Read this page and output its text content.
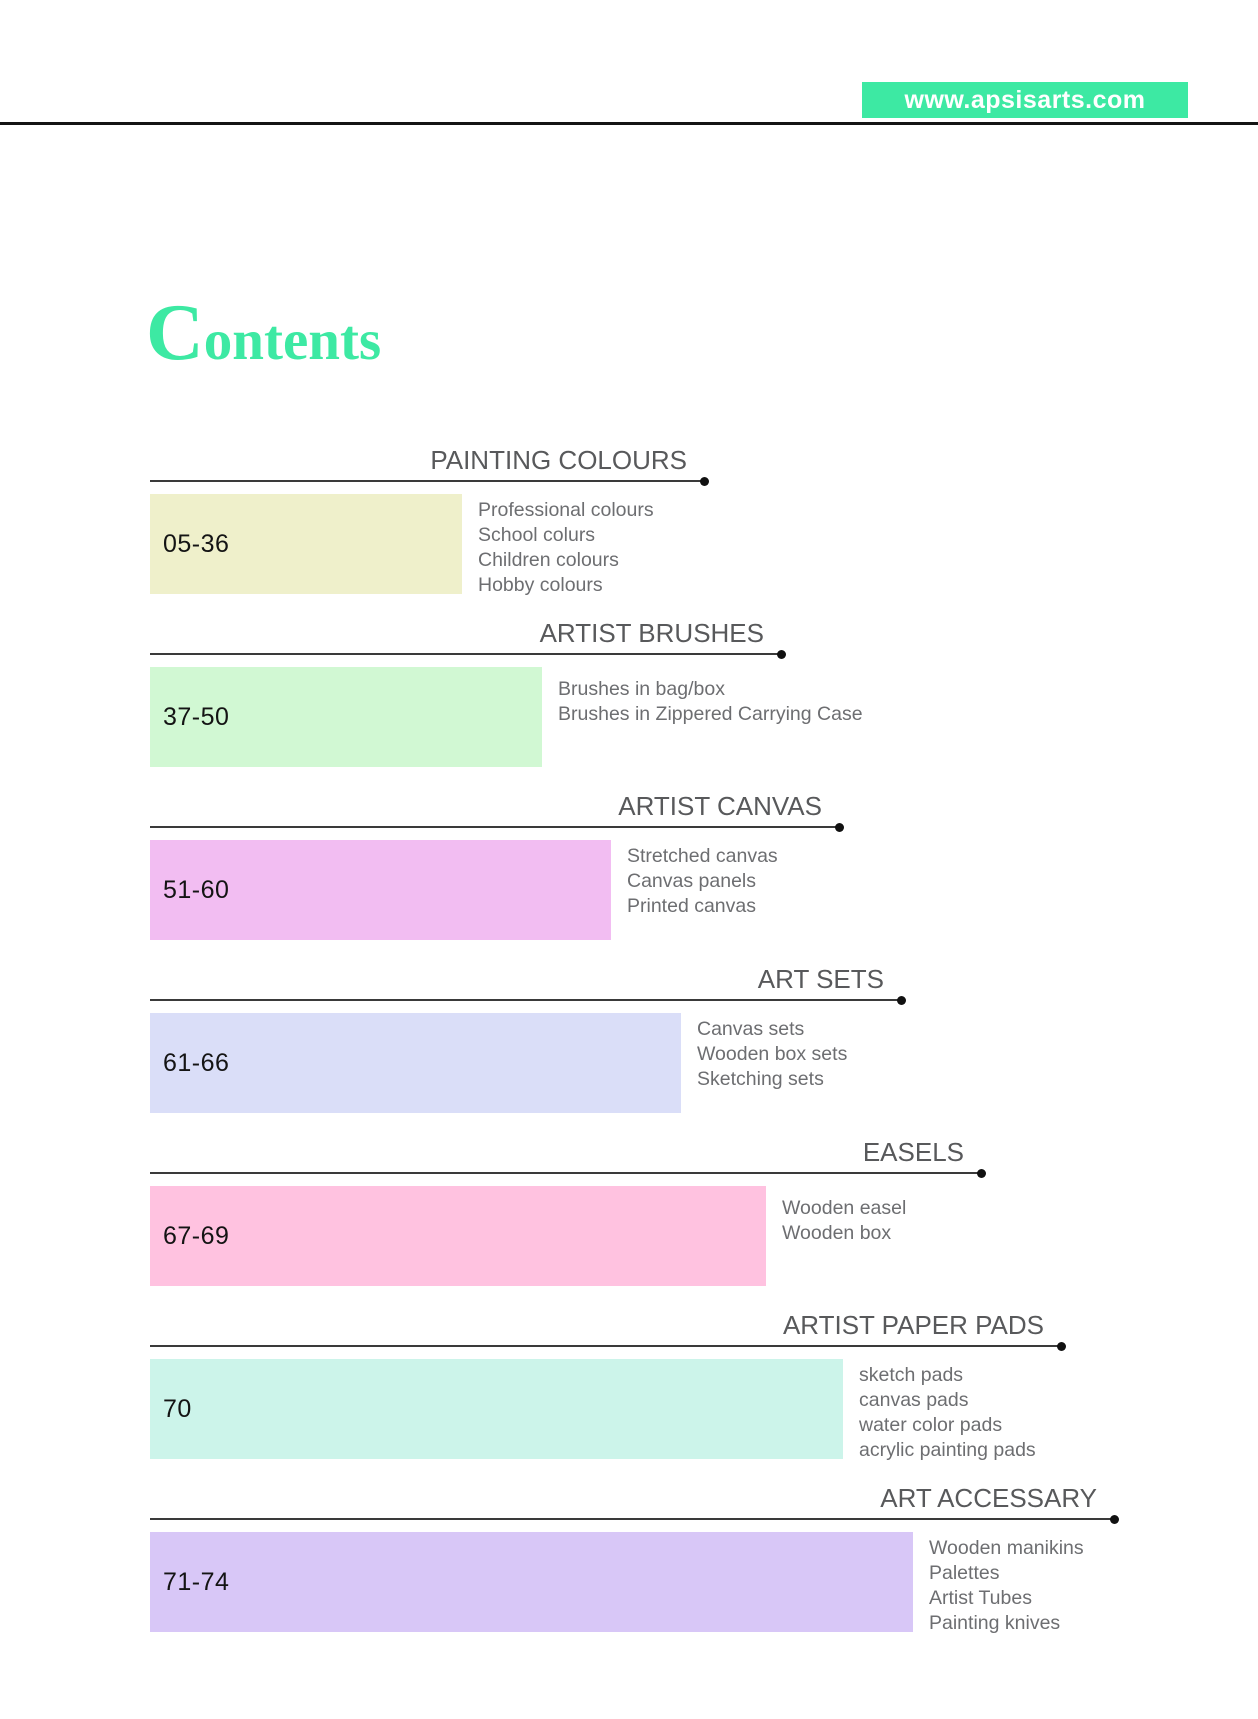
www.apsisarts.com
Contents
PAINTING COLOURS
05-36
Professional colours
School colurs
Children colours
Hobby colours
ARTIST BRUSHES
37-50
Brushes in bag/box
Brushes in Zippered Carrying Case
ARTIST CANVAS
51-60
Stretched canvas
Canvas panels
Printed canvas
ART SETS
61-66
Canvas sets
Wooden box sets
Sketching sets
EASELS
67-69
Wooden easel
Wooden box
ARTIST PAPER PADS
70
sketch pads
canvas pads
water color pads
acrylic painting pads
ART ACCESSARY
71-74
Wooden manikins
Palettes
Artist Tubes
Painting knives
